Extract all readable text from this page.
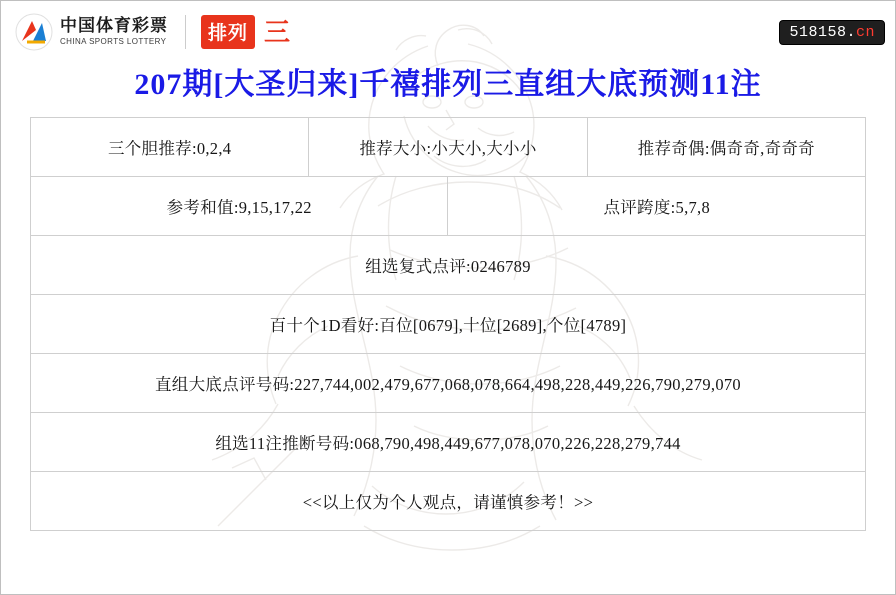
中国体育彩票
CHINA SPORTS LOTTERY	排列 三	518158.cn
207期[大圣归来]千禧排列三直组大底预测11注
三个胆推荐:0,2,4	推荐大小:小大小,大小小		推荐奇偶:偶奇奇,奇奇奇
参考和值:9,15,17,22		点评跨度:5,7,8	
组选复式点评:0246789			
百十个1D看好:百位[0679],十位[2689],个位[4789]			
直组大底点评号码:227,744,002,479,677,068,078,664,498,228,449,226,790,279,070			
组选11注推断号码:068,790,498,449,677,078,070,226,228,279,744			
<<以上仅为个人观点，请谨慎参考！>>			
